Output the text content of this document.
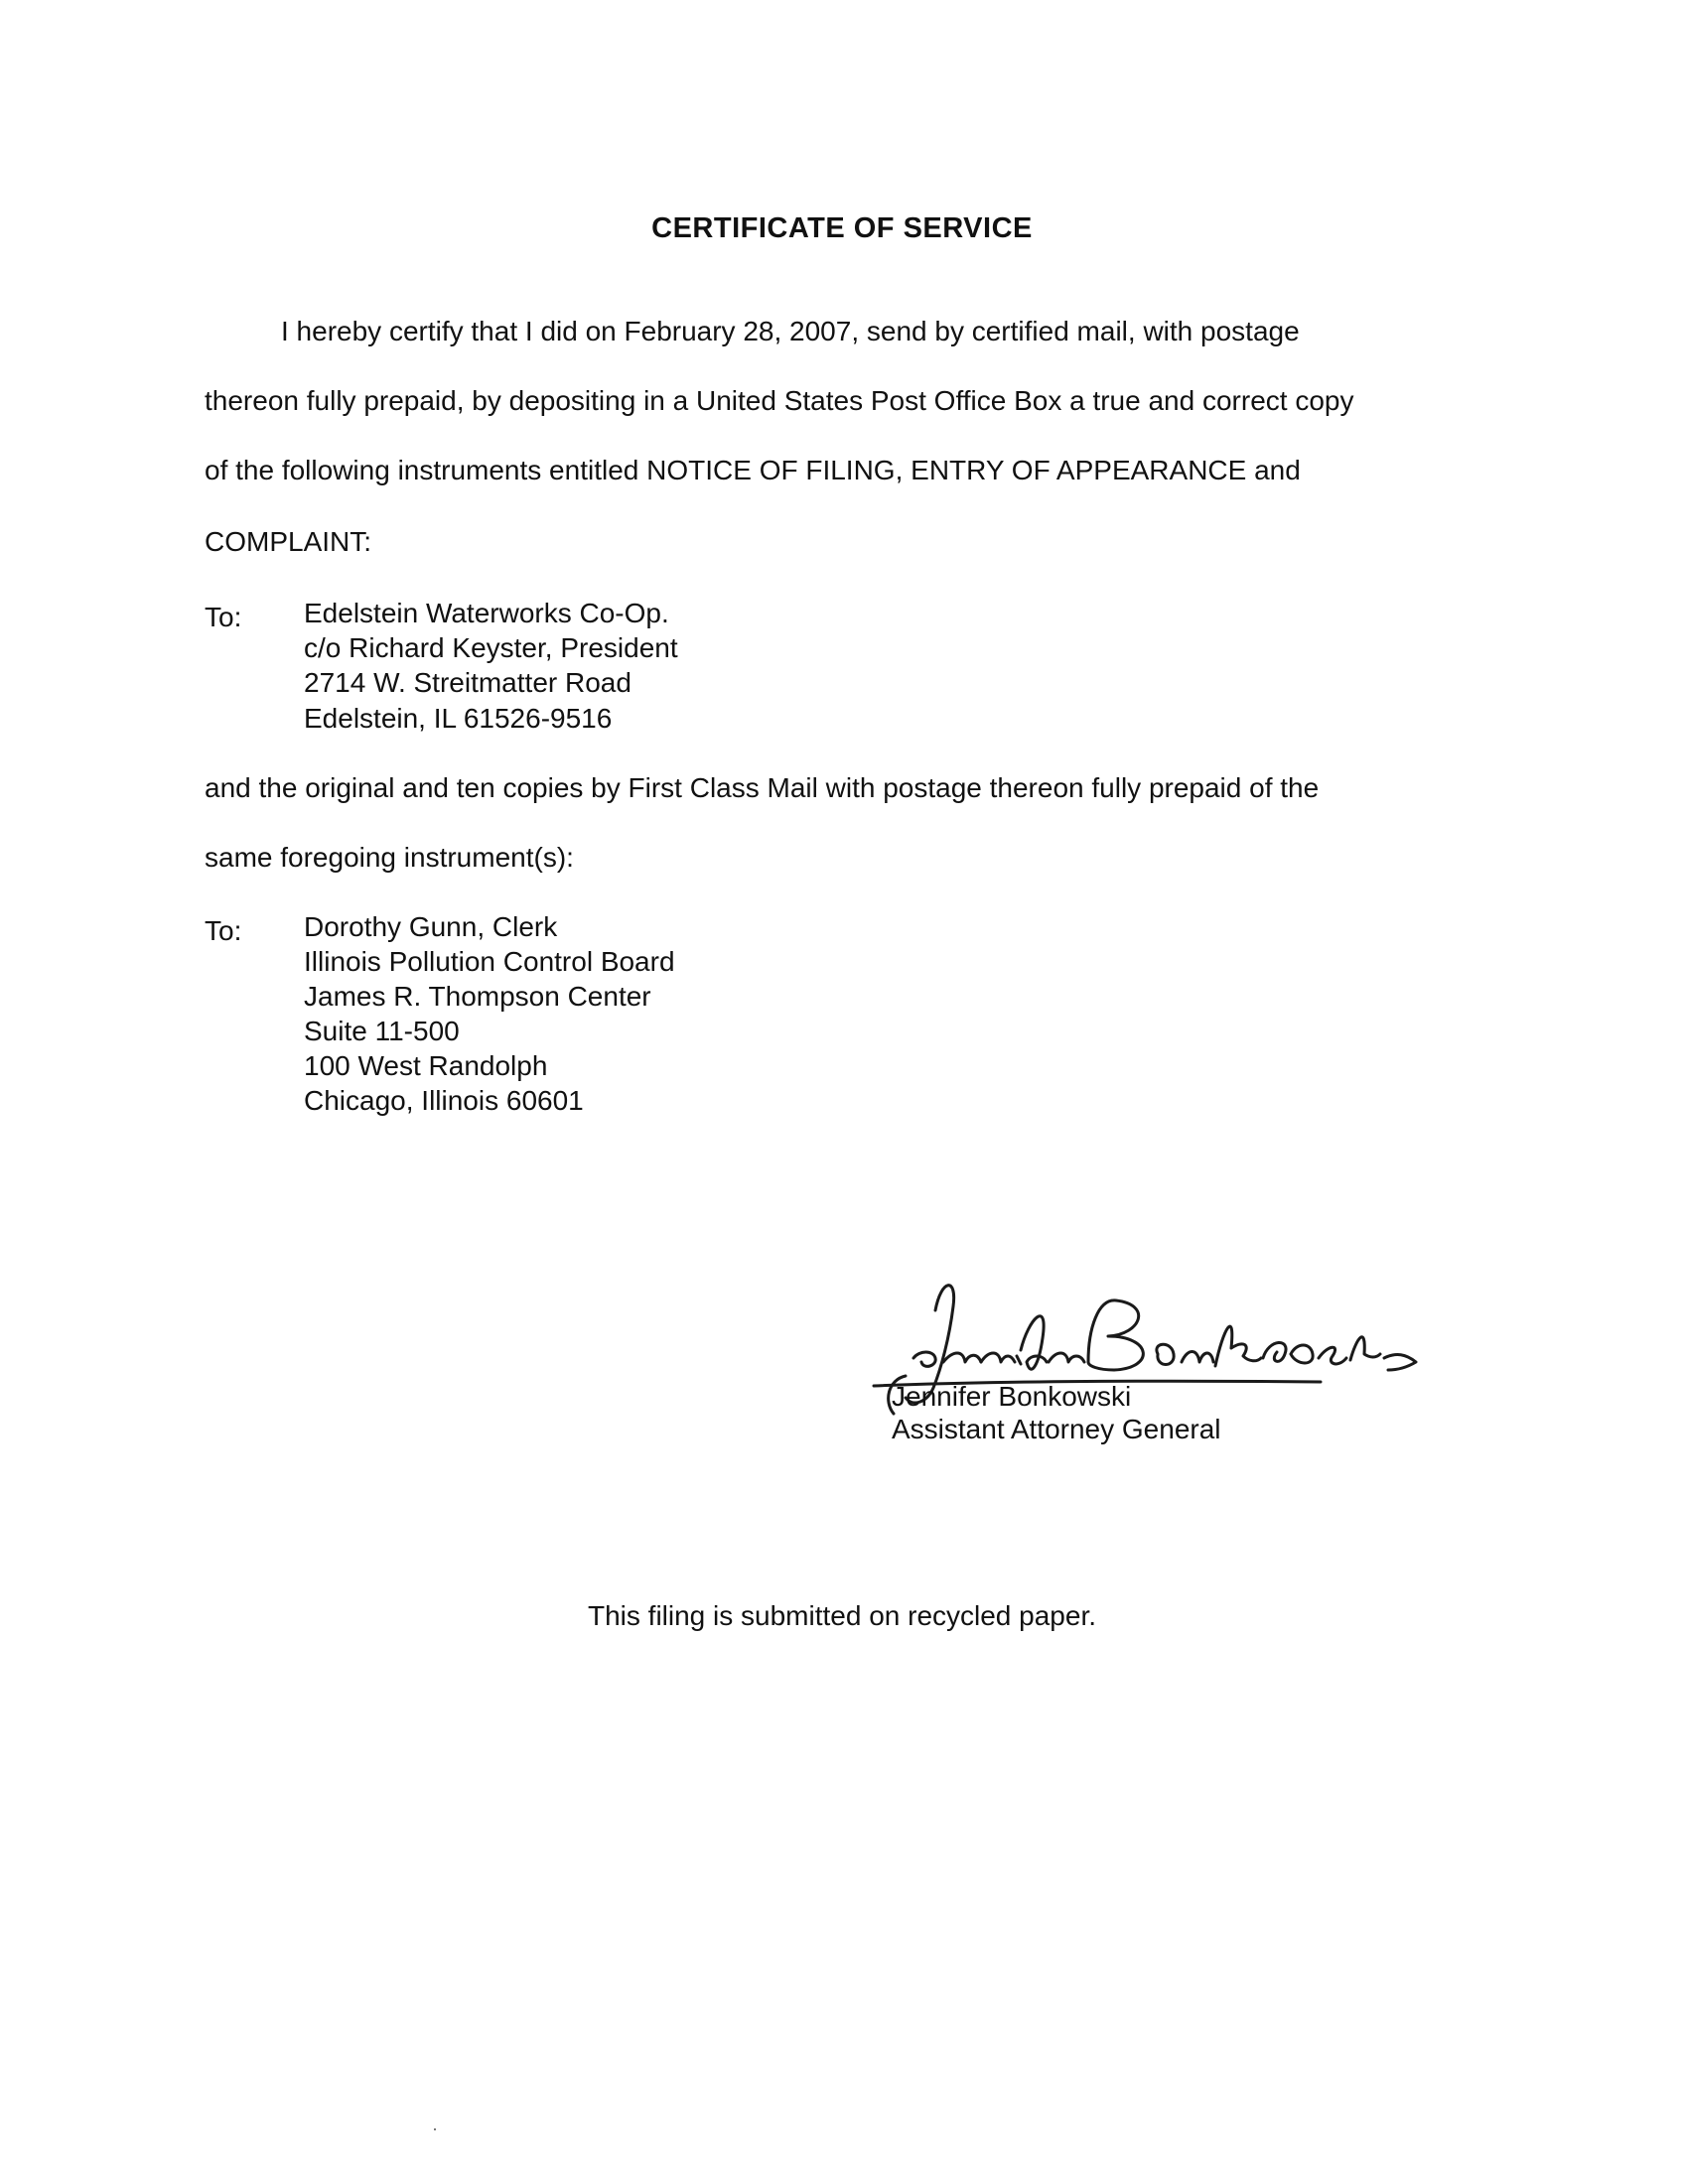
CERTIFICATE OF SERVICE
I hereby certify that I did on February 28, 2007, send by certified mail, with postage
thereon fully prepaid, by depositing in a United States Post Office Box a true and correct copy
of the following instruments entitled NOTICE OF FILING, ENTRY OF APPEARANCE and
COMPLAINT:
To: Edelstein Waterworks Co-Op.
c/o Richard Keyster, President
2714 W. Streitmatter Road
Edelstein, IL 61526-9516
and the original and ten copies by First Class Mail with postage thereon fully prepaid of the
same foregoing instrument(s):
To: Dorothy Gunn, Clerk
Illinois Pollution Control Board
James R. Thompson Center
Suite 11-500
100 West Randolph
Chicago, Illinois 60601
Jennifer Bonkowski
Assistant Attorney General
This filing is submitted on recycled paper.
